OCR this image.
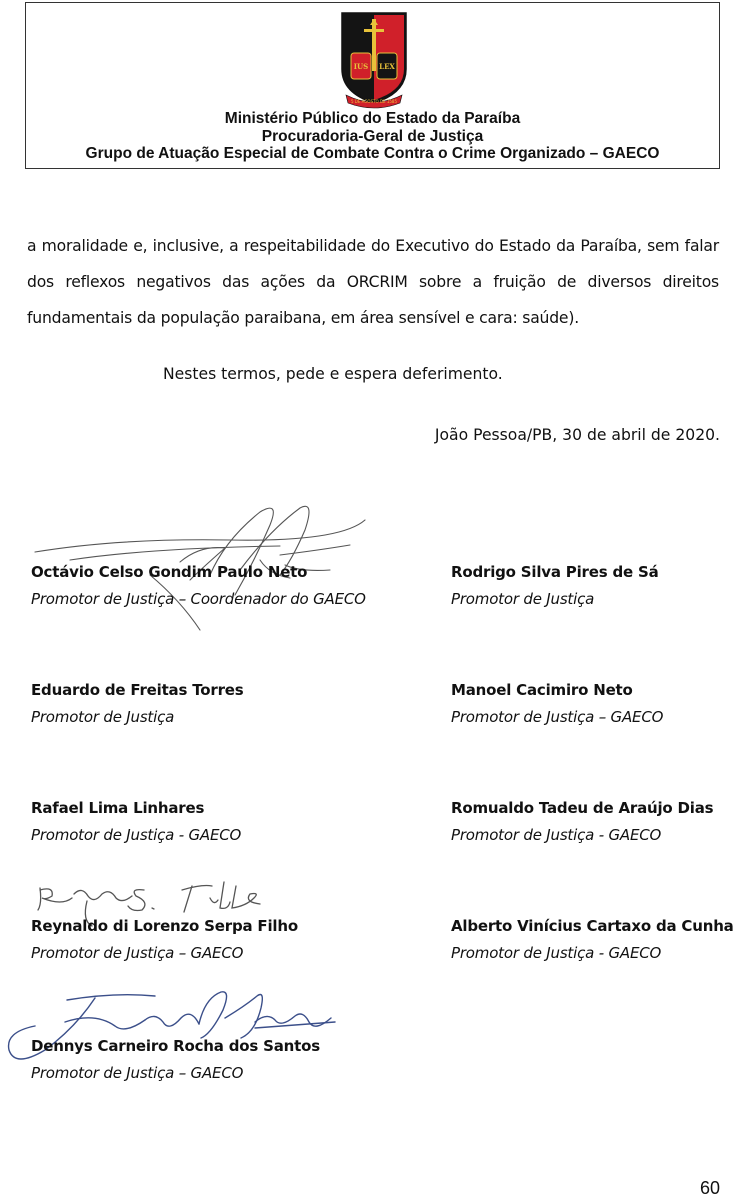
IUS LEX
5 DE AGOSTO DE 1585
Ministério Público do Estado da Paraíba
Procuradoria-Geral de Justiça
Grupo de Atuação Especial de Combate Contra o Crime Organizado – GAECO
a moralidade e, inclusive, a respeitabilidade do Executivo do Estado da Paraíba, sem falar dos reflexos negativos das ações da ORCRIM sobre a fruição de diversos direitos fundamentais da população paraibana, em área sensível e cara: saúde).
Nestes termos, pede e espera deferimento.
João Pessoa/PB, 30 de abril de 2020.
Octávio Celso Gondim Paulo Neto
Promotor de Justiça – Coordenador do GAECO
Rodrigo Silva Pires de Sá
Promotor de Justiça
Eduardo de Freitas Torres
Promotor de Justiça
Manoel Cacimiro Neto
Promotor de Justiça – GAECO
Rafael Lima Linhares
Promotor de Justiça - GAECO
Romualdo Tadeu de Araújo Dias
Promotor de Justiça - GAECO
Reynaldo di Lorenzo Serpa Filho
Promotor de Justiça – GAECO
Alberto Vinícius Cartaxo da Cunha
Promotor de Justiça - GAECO
Dennys Carneiro Rocha dos Santos
Promotor de Justiça – GAECO
60
